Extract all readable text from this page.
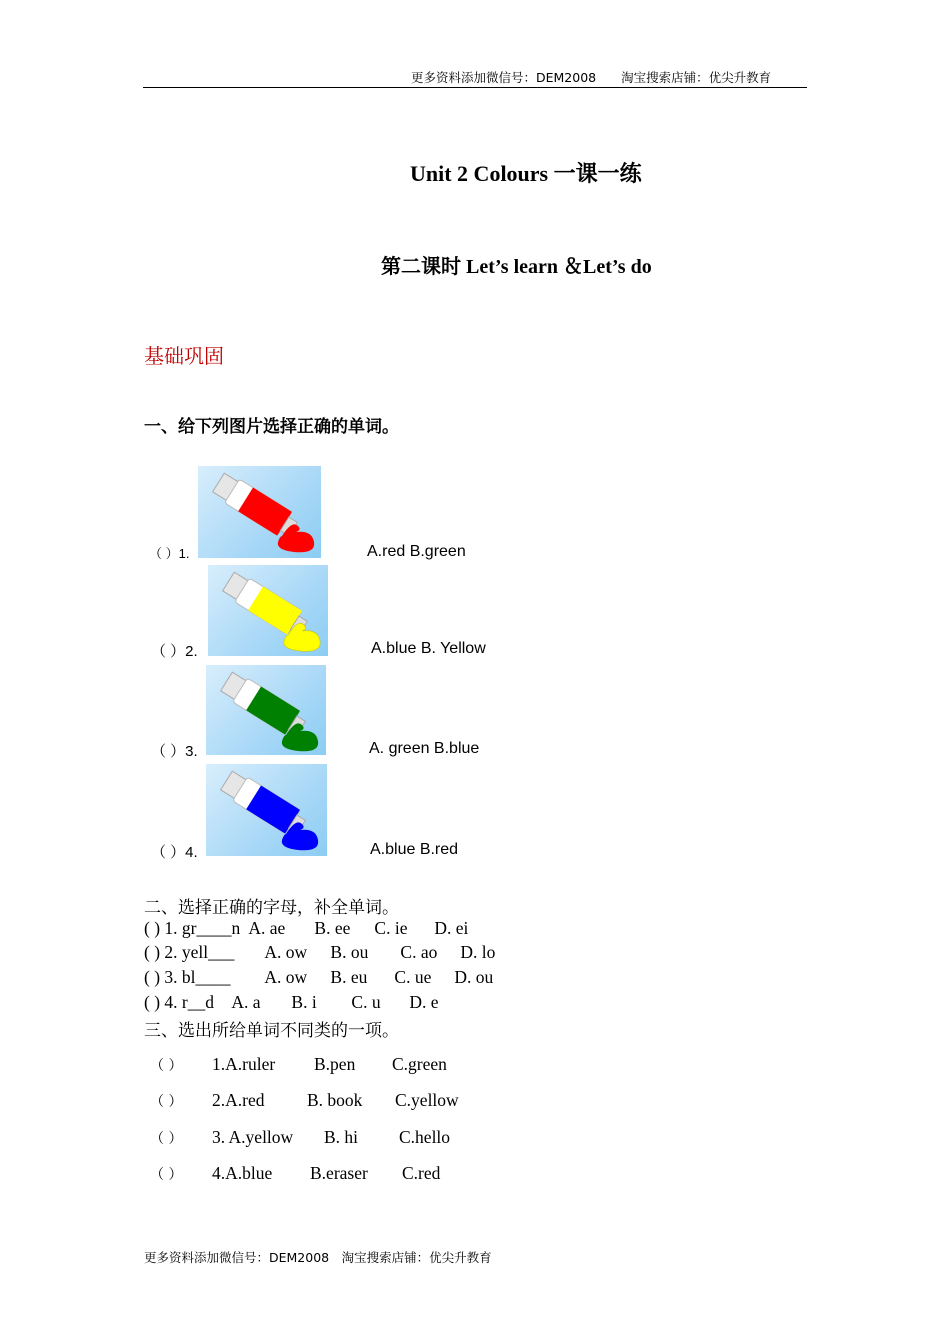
更多资料添加微信号：DEM2008　　淘宝搜索店铺：优尖升教育
Unit 2 Colours 一课一练
第二课时 Let’s learn ＆Let’s do
基础巩固
一、给下列图片选择正确的单词。
（ ）1.	A.red B.green
（ ）2.	A.blue B. Yellow
（ ）3.	A. green B.blue
（ ）4.	A.blue B.red
二、选择正确的字母，补全单词。
( ) 1. gr____n A. ae B. ee C. ie D. ei
( ) 2. yell___ A. ow B. ou C. ao D. lo
( ) 3. bl____ A. ow B. eu C. ue D. ou
( ) 4. r__d A. a B. i C. u D. e
三、选出所给单词不同类的一项。
（ ） 1.A.ruler B.pen C.green
（ ） 2.A.red B. book C.yellow
（ ） 3. A.yellow B. hi C.hello
（ ） 4.A.blue B.eraser C.red
更多资料添加微信号：DEM2008　淘宝搜索店铺：优尖升教育
